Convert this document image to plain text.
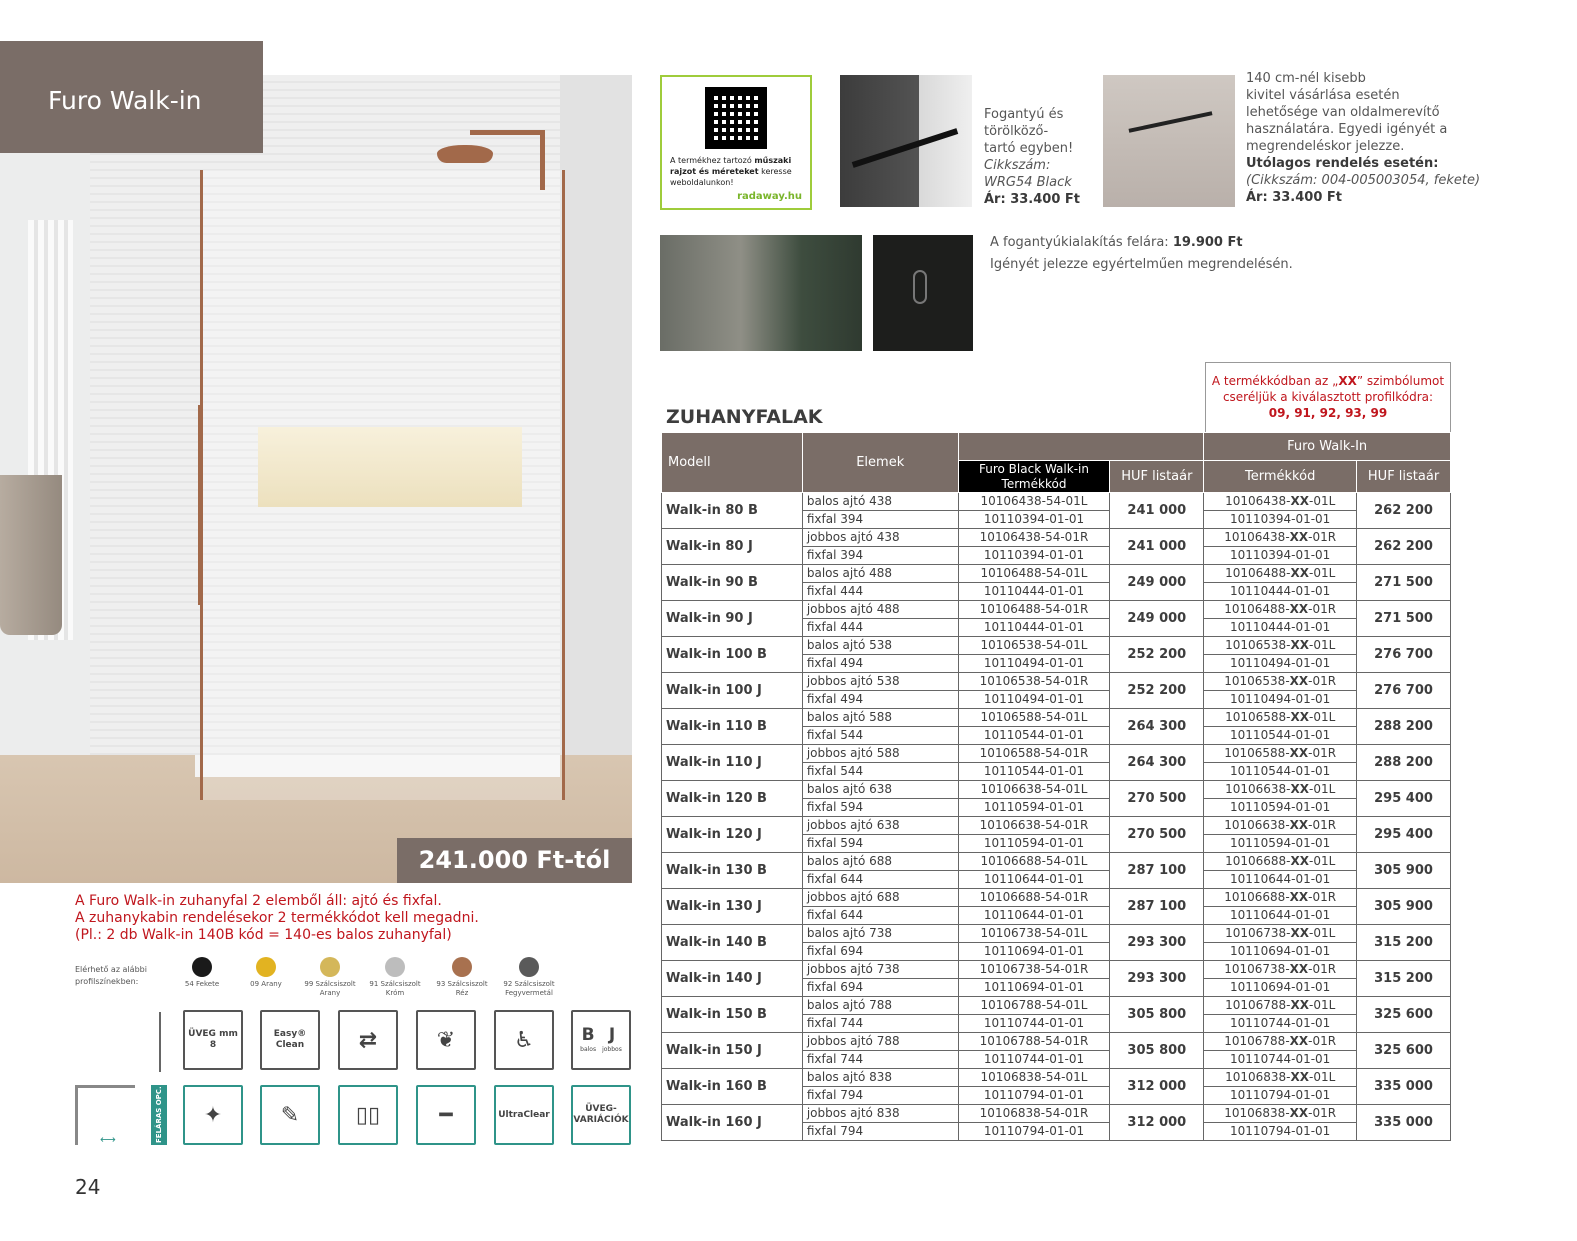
Furo Walk-in
241.000 Ft-tól
A Furo Walk-in zuhanyfal 2 elemből áll: ajtó és fixfal.
A zuhanykabin rendelésekor 2 termékkódot kell megadni.
(Pl.: 2 db Walk-in 140B kód = 140-es balos zuhanyfal)
Elérhető az alábbi
profilszínekben:	54 Fekete	09 Arany	99 Szálcsiszolt
Arany
91 Szálcsiszolt
Króm
93 Szálcsiszolt
Réz
92 Szálcsiszolt
Fegyvermetál
ÜVEG mm 8
Easy® Clean	⇄	❦	♿	B
balos
J
jobbos
⟷	FELÁRAS OPC. ✦	✎	▯▯	━	UltraClear
ÜVEG-VARIÁCIÓK
24
A termékhez tartozó műszaki rajzot és méreteket keresse weboldalunkon!
radaway.hu
Fogantyú és
törölköző-
tartó egyben!
Cikkszám:
WRG54 Black
Ár: 33.400 Ft
140 cm-nél kisebb
kivitel vásárlása esetén
lehetősége van oldalmerevítő
használatára. Egyedi igényét a
megrendeléskor jelezze.
Utólagos rendelés esetén:
(Cikkszám: 004-005003054, fekete)
Ár: 33.400 Ft
A fogantyúkialakítás felára: 19.900 Ft
Igényét jelezze egyértelműen megrendelésén.
A termékkódban az „XX” szimbólumot
cseréljük a kiválasztott profilkódra:
09, 91, 92, 93, 99
ZUHANYFALAK
Modell	Elemek			Furo Walk-In	
		Furo Black Walk-in Termékkód	HUF listaár	Termékkód	HUF listaár
Walk-in 80 B	balos ajtó 438	10106438-54-01L	241 000	10106438-XX-01L	262 200
	fixfal 394	10110394-01-01		10110394-01-01	
Walk-in 80 J	jobbos ajtó 438	10106438-54-01R	241 000	10106438-XX-01R	262 200
	fixfal 394	10110394-01-01		10110394-01-01	
Walk-in 90 B	balos ajtó 488	10106488-54-01L	249 000	10106488-XX-01L	271 500
	fixfal 444	10110444-01-01		10110444-01-01	
Walk-in 90 J	jobbos ajtó 488	10106488-54-01R	249 000	10106488-XX-01R	271 500
	fixfal 444	10110444-01-01		10110444-01-01	
Walk-in 100 B	balos ajtó 538	10106538-54-01L	252 200	10106538-XX-01L	276 700
	fixfal 494	10110494-01-01		10110494-01-01	
Walk-in 100 J	jobbos ajtó 538	10106538-54-01R	252 200	10106538-XX-01R	276 700
	fixfal 494	10110494-01-01		10110494-01-01	
Walk-in 110 B	balos ajtó 588	10106588-54-01L	264 300	10106588-XX-01L	288 200
	fixfal 544	10110544-01-01		10110544-01-01	
Walk-in 110 J	jobbos ajtó 588	10106588-54-01R	264 300	10106588-XX-01R	288 200
	fixfal 544	10110544-01-01		10110544-01-01	
Walk-in 120 B	balos ajtó 638	10106638-54-01L	270 500	10106638-XX-01L	295 400
	fixfal 594	10110594-01-01		10110594-01-01	
Walk-in 120 J	jobbos ajtó 638	10106638-54-01R	270 500	10106638-XX-01R	295 400
	fixfal 594	10110594-01-01		10110594-01-01	
Walk-in 130 B	balos ajtó 688	10106688-54-01L	287 100	10106688-XX-01L	305 900
	fixfal 644	10110644-01-01		10110644-01-01	
Walk-in 130 J	jobbos ajtó 688	10106688-54-01R	287 100	10106688-XX-01R	305 900
	fixfal 644	10110644-01-01		10110644-01-01	
Walk-in 140 B	balos ajtó 738	10106738-54-01L	293 300	10106738-XX-01L	315 200
	fixfal 694	10110694-01-01		10110694-01-01	
Walk-in 140 J	jobbos ajtó 738	10106738-54-01R	293 300	10106738-XX-01R	315 200
	fixfal 694	10110694-01-01		10110694-01-01	
Walk-in 150 B	balos ajtó 788	10106788-54-01L	305 800	10106788-XX-01L	325 600
	fixfal 744	10110744-01-01		10110744-01-01	
Walk-in 150 J	jobbos ajtó 788	10106788-54-01R	305 800	10106788-XX-01R	325 600
	fixfal 744	10110744-01-01		10110744-01-01	
Walk-in 160 B	balos ajtó 838	10106838-54-01L	312 000	10106838-XX-01L	335 000
	fixfal 794	10110794-01-01		10110794-01-01	
Walk-in 160 J	jobbos ajtó 838	10106838-54-01R	312 000	10106838-XX-01R	335 000
	fixfal 794	10110794-01-01		10110794-01-01	
